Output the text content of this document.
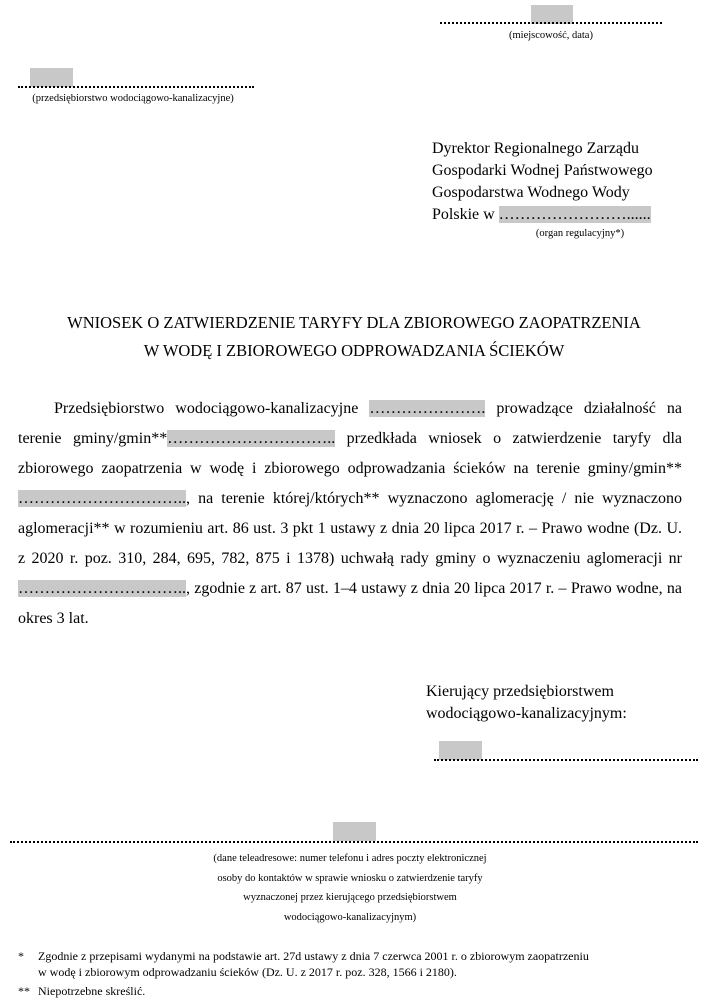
(miejscowość, data)
(przedsiębiorstwo wodociągowo-kanalizacyjne)
Dyrektor Regionalnego Zarządu
Gospodarki Wodnej Państwowego
Gospodarstwa Wodnego Wody
Polskie w ……………………......
(organ regulacyjny*)
WNIOSEK O ZATWIERDZENIE TARYFY DLA ZBIOROWEGO ZAOPATRZENIA
W WODĘ I ZBIOROWEGO ODPROWADZANIA ŚCIEKÓW

Przedsiębiorstwo wodociągowo-kanalizacyjne …………………. prowadzące działalność na terenie gminy/gmin**………………………….. przedkłada wniosek o zatwierdzenie taryfy dla zbiorowego zaopatrzenia w wodę i zbiorowego odprowadzania ścieków na terenie gminy/gmin** ………………………….., na terenie której/których** wyznaczono aglomerację / nie wyznaczono aglomeracji** w rozumieniu art. 86 ust. 3 pkt 1 ustawy z dnia 20 lipca 2017 r. – Prawo wodne (Dz. U. z 2020 r. poz. 310, 284, 695, 782, 875 i 1378) uchwałą rady gminy o wyznaczeniu aglomeracji nr ………………………….., zgodnie z art. 87 ust. 1–4 ustawy z dnia 20 lipca 2017 r. – Prawo wodne, na okres 3 lat.

Kierujący przedsiębiorstwem
wodociągowo-kanalizacyjnym:
(dane teleadresowe: numer telefonu i adres poczty elektronicznej
osoby do kontaktów w sprawie wniosku o zatwierdzenie taryfy
wyznaczonej przez kierującego przedsiębiorstwem
wodociągowo-kanalizacyjnym)
* Zgodnie z przepisami wydanymi na podstawie art. 27d ustawy z dnia 7 czerwca 2001 r. o zbiorowym zaopatrzeniu
w wodę i zbiorowym odprowadzaniu ścieków (Dz. U. z 2017 r. poz. 328, 1566 i 2180).
** Niepotrzebne skreślić.
